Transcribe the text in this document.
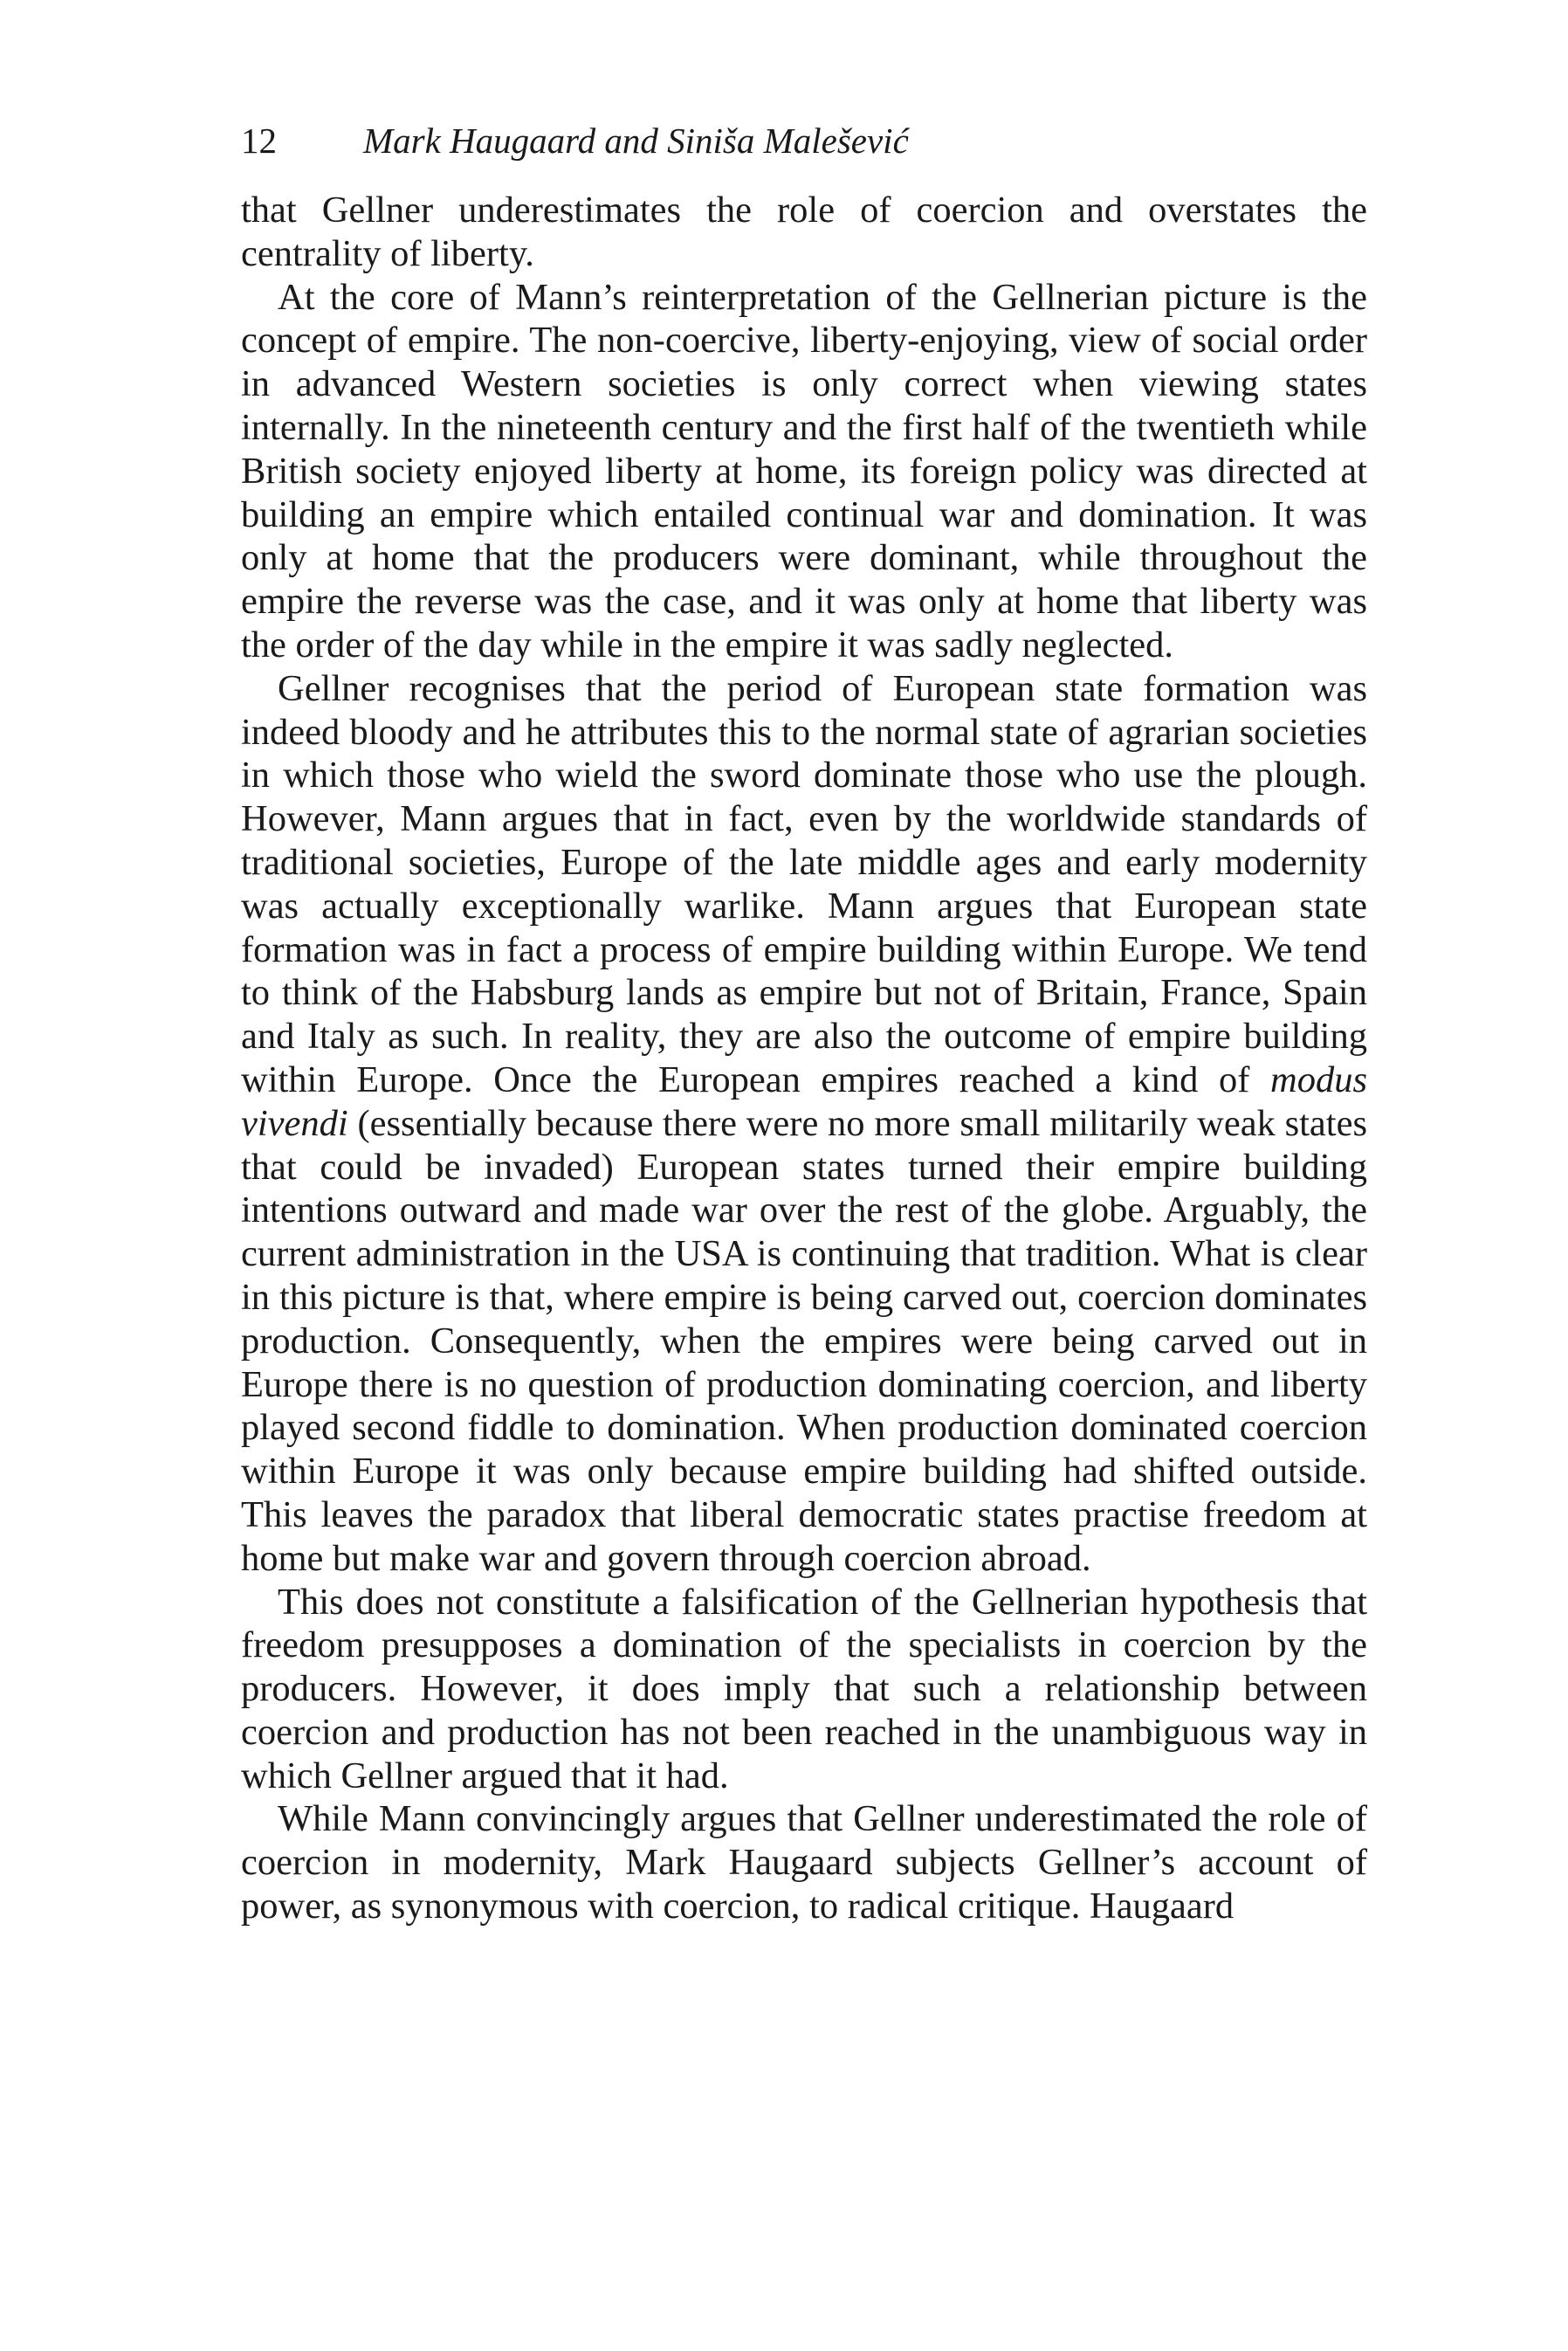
12 Mark Haugaard and Siniša Malešević

that Gellner underestimates the role of coercion and overstates the centrality of liberty.

At the core of Mann’s reinterpretation of the Gellnerian picture is the concept of empire. The non-coercive, liberty-enjoying, view of social order in advanced Western societies is only correct when viewing states internally. In the nineteenth century and the first half of the twentieth while British society enjoyed liberty at home, its foreign policy was directed at building an empire which entailed continual war and domination. It was only at home that the producers were dominant, while throughout the empire the reverse was the case, and it was only at home that liberty was the order of the day while in the empire it was sadly neglected.

Gellner recognises that the period of European state formation was indeed bloody and he attributes this to the normal state of agrarian societies in which those who wield the sword dominate those who use the plough. However, Mann argues that in fact, even by the worldwide standards of traditional societies, Europe of the late middle ages and early modernity was actually exceptionally warlike. Mann argues that European state formation was in fact a process of empire building within Europe. We tend to think of the Habsburg lands as empire but not of Britain, France, Spain and Italy as such. In reality, they are also the outcome of empire building within Europe. Once the European empires reached a kind of modus vivendi (essentially because there were no more small militarily weak states that could be invaded) European states turned their empire building intentions outward and made war over the rest of the globe. Arguably, the current administration in the USA is continuing that tradition. What is clear in this picture is that, where empire is being carved out, coercion dominates production. Consequently, when the empires were being carved out in Europe there is no question of production dominating coercion, and liberty played second fiddle to domination. When production dominated coercion within Europe it was only because empire building had shifted outside. This leaves the paradox that liberal democratic states practise freedom at home but make war and govern through coercion abroad.

This does not constitute a falsification of the Gellnerian hypothesis that freedom presupposes a domination of the specialists in coercion by the producers. However, it does imply that such a relationship between coercion and production has not been reached in the unambiguous way in which Gellner argued that it had.

While Mann convincingly argues that Gellner underestimated the role of coercion in modernity, Mark Haugaard subjects Gellner’s account of power, as synonymous with coercion, to radical critique. Haugaard
